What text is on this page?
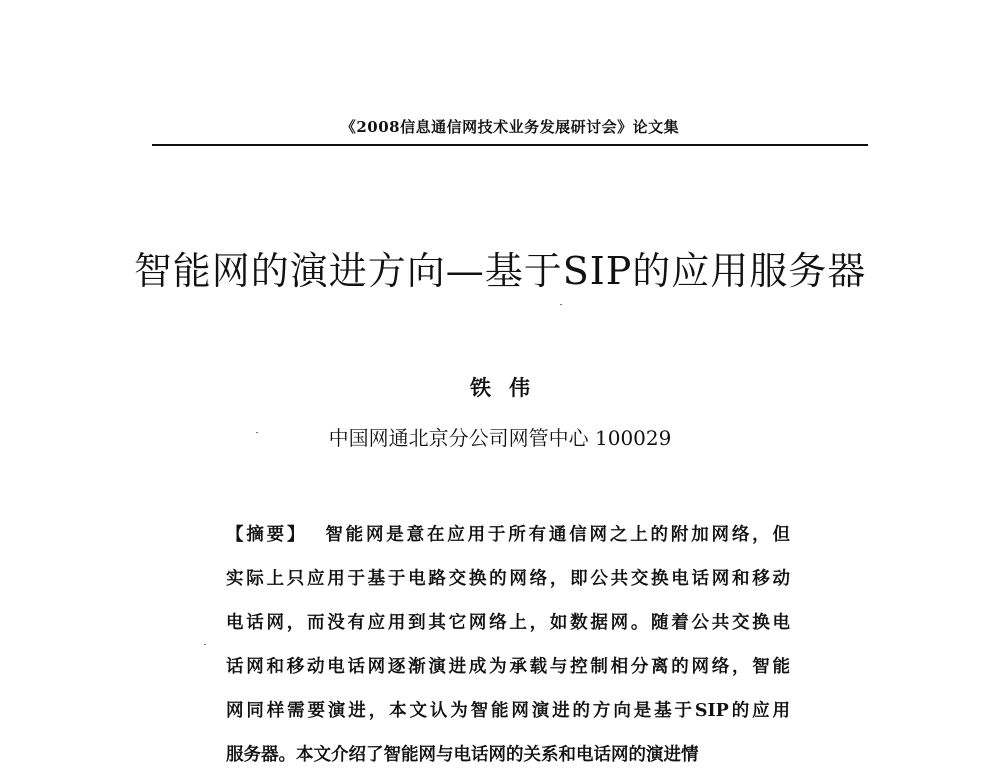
《2008信息通信网技术业务发展研讨会》论文集
智能网的演进方向—基于SIP的应用服务器
铁伟
中国网通北京分公司网管中心 100029
【摘要】 智能网是意在应用于所有通信网之上的附加网络，但
实际上只应用于基于电路交换的网络，即公共交换电话网和移动
电话网，而没有应用到其它网络上，如数据网。随着公共交换电
话网和移动电话网逐渐演进成为承载与控制相分离的网络，智能
网同样需要演进，本文认为智能网演进的方向是基于SIP的应用
服务器。本文介绍了智能网与电话网的关系和电话网的演进情
